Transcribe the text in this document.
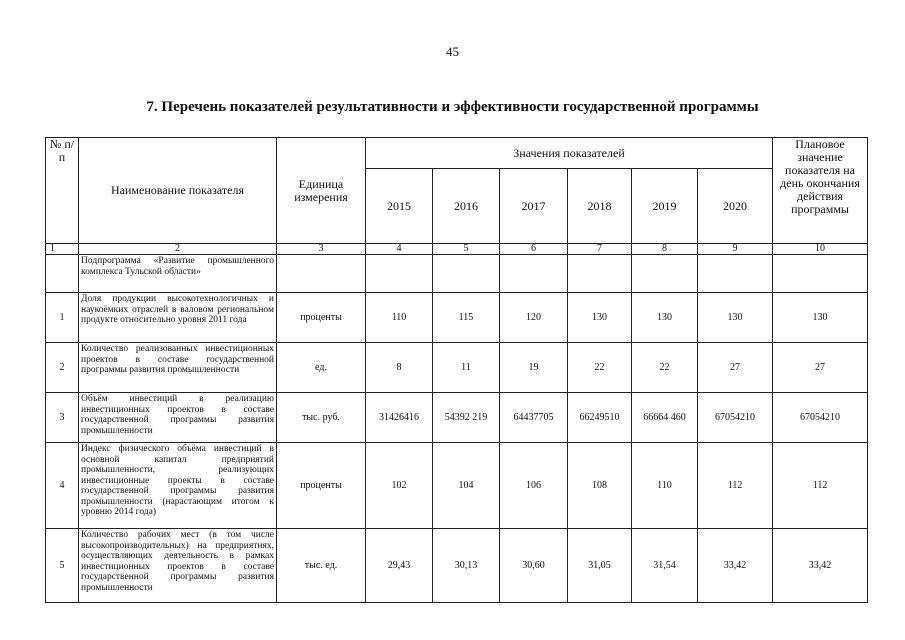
45
7. Перечень показателей результативности и эффективности государственной программы
№ п/п	Наименование показателя	Единица измерения	Значения показателей						Плановое значение показателя на день окончания действия программы
			2015	2016	2017	2018	2019	2020	
1	2	3	4	5	6	7	8	9	10
	Подпрограмма «Развитие промышленного комплекса Тульской области»								
1	Доля продукции высокотехнологичных и наукоёмких отраслей в валовом региональном продукте относительно уровня 2011 года	проценты	110	115	120	130	130	130	130
2	Количество реализованных инвестиционных проектов в составе государственной программы развития промышленности	ед.	8	11	19	22	22	27	27
3	Объём инвестиций в реализацию инвестиционных проектов в составе государственной программы развития промышленности	тыс. руб.	31426416	54392 219	64437705	66249510	66664 460	67054210	67054210
4	Индекс физического объёма инвестиций в основной капитал предприятий промышленности, реализующих инвестиционные проекты в составе государственной программы развития промышленности (нарастающим итогом к уровню 2014 года)	проценты	102	104	106	108	110	112	112
5	Количество рабочих мест (в том числе высокопроизводительных) на предприятиях, осуществляющих деятельность в рамках инвестиционных проектов в составе государственной программы развития промышленности	тыс. ед.	29,43	30,13	30,60	31,05	31,54	33,42	33,42
